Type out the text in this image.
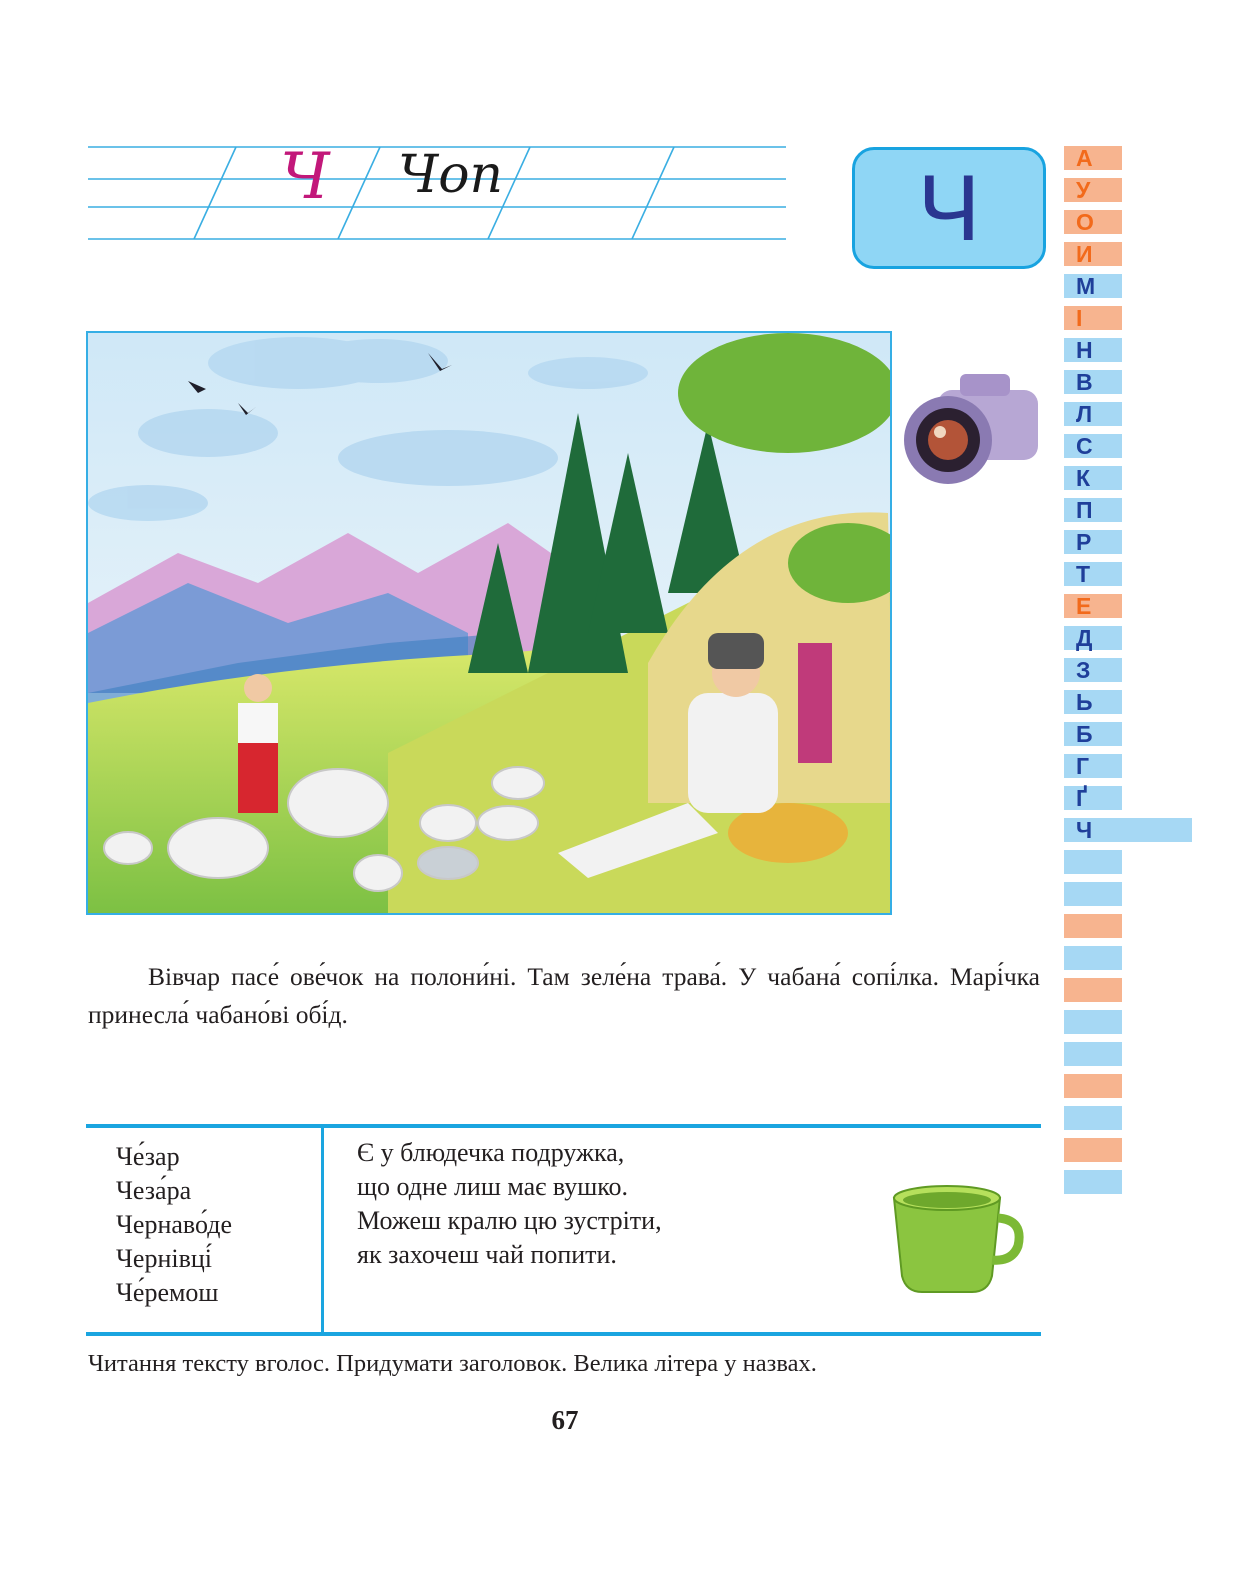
Ч Чоп	Ч	А
У
О
И
М
І
Н
В
Л
С
К
П
Р
Т
Е
Д
З
Ь
Б
Г
Ґ
Ч
Вівчар пасе́ ове́чок на полони́ні. Там зеле́на трава́. У чабана́ сопі́лка. Марі́чка принесла́ чабано́ві обі́д.
Че́зар
Чеза́ра
Чернаво́де
Чернівці́
Че́ремош
Є у блюдечка подружка,
що одне лиш має вушко.
Можеш кралю цю зустріти,
як захочеш чай попити.
Читання тексту вголос. Придумати заголовок. Велика літера у назвах.
67
